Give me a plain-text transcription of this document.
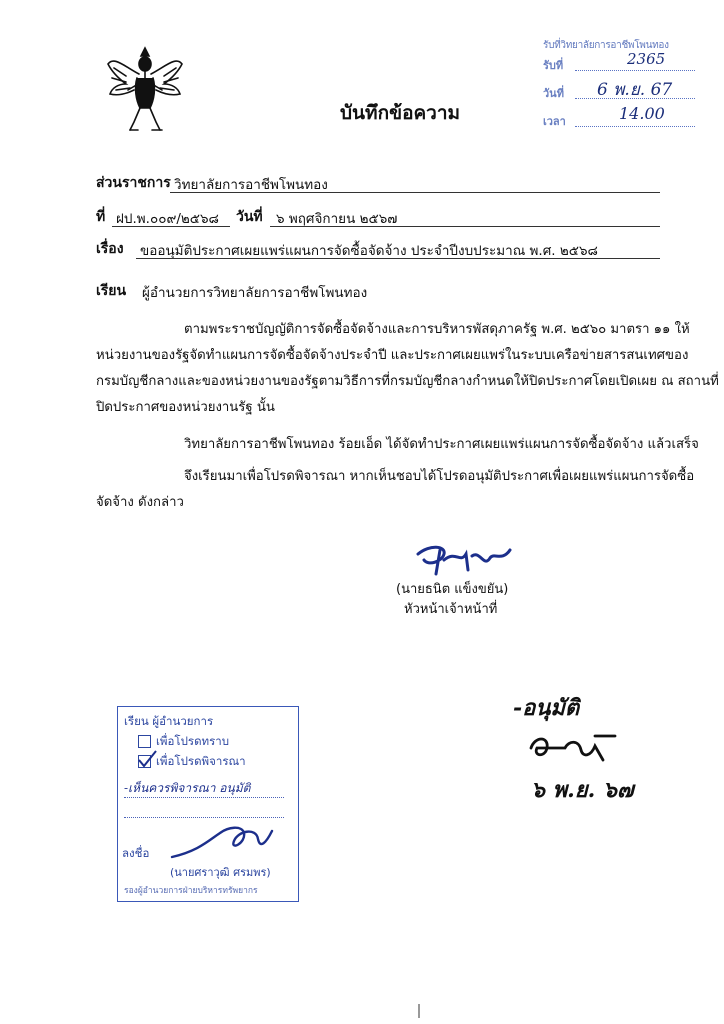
รับที่วิทยาลัยการอาชีพโพนทอง
รับที่	2365
วันที่ 6 พ.ย. 67
เวลา	14.00
บันทึกข้อความ
ส่วนราชการ วิทยาลัยการอาชีพโพนทอง
ที่ ฝป.พ.๐๐๙/๒๕๖๘ วันที่ ๖ พฤศจิกายน ๒๕๖๗
เรื่อง ขออนุมัติประกาศเผยแพร่แผนการจัดซื้อจัดจ้าง ประจำปีงบประมาณ พ.ศ. ๒๕๖๘
เรียน ผู้อำนวยการวิทยาลัยการอาชีพโพนทอง
ตามพระราชบัญญัติการจัดซื้อจัดจ้างและการบริหารพัสดุภาครัฐ พ.ศ. ๒๕๖๐ มาตรา ๑๑ ให้
หน่วยงานของรัฐจัดทำแผนการจัดซื้อจัดจ้างประจำปี และประกาศเผยแพร่ในระบบเครือข่ายสารสนเทศของ
กรมบัญชีกลางและของหน่วยงานของรัฐตามวิธีการที่กรมบัญชีกลางกำหนดให้ปิดประกาศโดยเปิดเผย ณ สถานที่
ปิดประกาศของหน่วยงานรัฐ นั้น
วิทยาลัยการอาชีพโพนทอง ร้อยเอ็ด ได้จัดทำประกาศเผยแพร่แผนการจัดซื้อจัดจ้าง แล้วเสร็จ
จึงเรียนมาเพื่อโปรดพิจารณา หากเห็นชอบได้โปรดอนุมัติประกาศเพื่อเผยแพร่แผนการจัดซื้อ
จัดจ้าง ดังกล่าว
(นายธนิต แข็งขยัน)
หัวหน้าเจ้าหน้าที่
เรียน ผู้อำนวยการ
เพื่อโปรดทราบ
เพื่อโปรดพิจารณา
-เห็นควรพิจารณา อนุมัติ
ลงชื่อ
(นายศราวุฒิ ศรมพร)
รองผู้อำนวยการฝ่ายบริหารทรัพยากร
-อนุมัติ
๖ พ.ย. ๖๗
